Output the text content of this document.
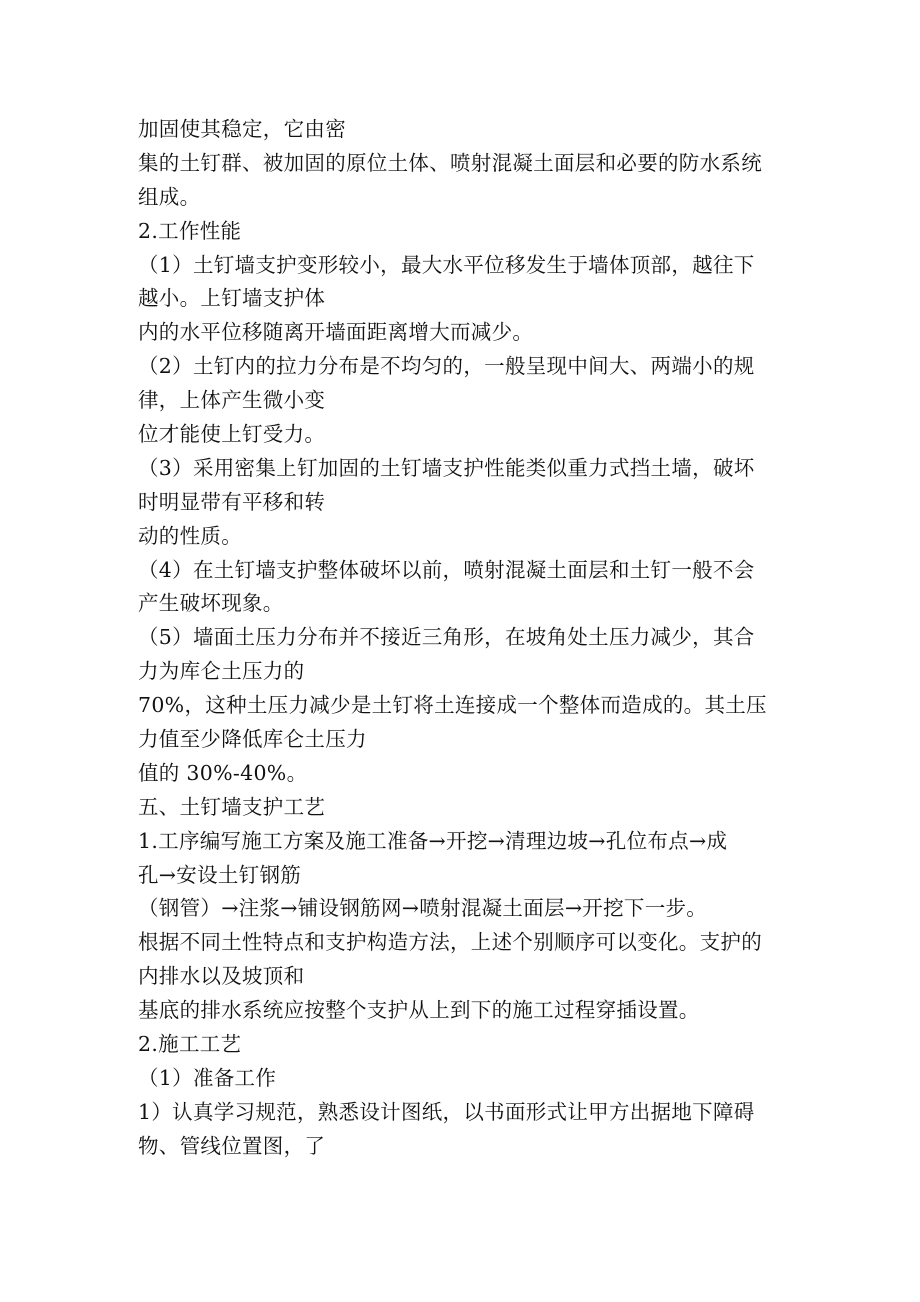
加固使其稳定，它由密
集的土钉群、被加固的原位土体、喷射混凝土面层和必要的防水系统
组成。
2.工作性能
（1）土钉墙支护变形较小，最大水平位移发生于墙体顶部，越往下
越小。上钉墙支护体
内的水平位移随离开墙面距离增大而减少。
（2）土钉内的拉力分布是不均匀的，一般呈现中间大、两端小的规
律，上体产生微小变
位才能使上钉受力。
（3）采用密集上钉加固的土钉墙支护性能类似重力式挡土墙，破坏
时明显带有平移和转
动的性质。
（4）在土钉墙支护整体破坏以前，喷射混凝土面层和土钉一般不会
产生破坏现象。
（5）墙面土压力分布并不接近三角形，在坡角处土压力减少，其合
力为库仑土压力的
70%，这种土压力减少是土钉将土连接成一个整体而造成的。其土压
力值至少降低库仑土压力
值的 30%-40%。
五、土钉墙支护工艺
1.工序编写施工方案及施工准备→开挖→清理边坡→孔位布点→成
孔→安设土钉钢筋
（钢管）→注浆→铺设钢筋网→喷射混凝土面层→开挖下一步。
根据不同土性特点和支护构造方法，上述个别顺序可以变化。支护的
内排水以及坡顶和
基底的排水系统应按整个支护从上到下的施工过程穿插设置。
2.施工工艺
（1）准备工作
1）认真学习规范，熟悉设计图纸，以书面形式让甲方出据地下障碍
物、管线位置图，了
